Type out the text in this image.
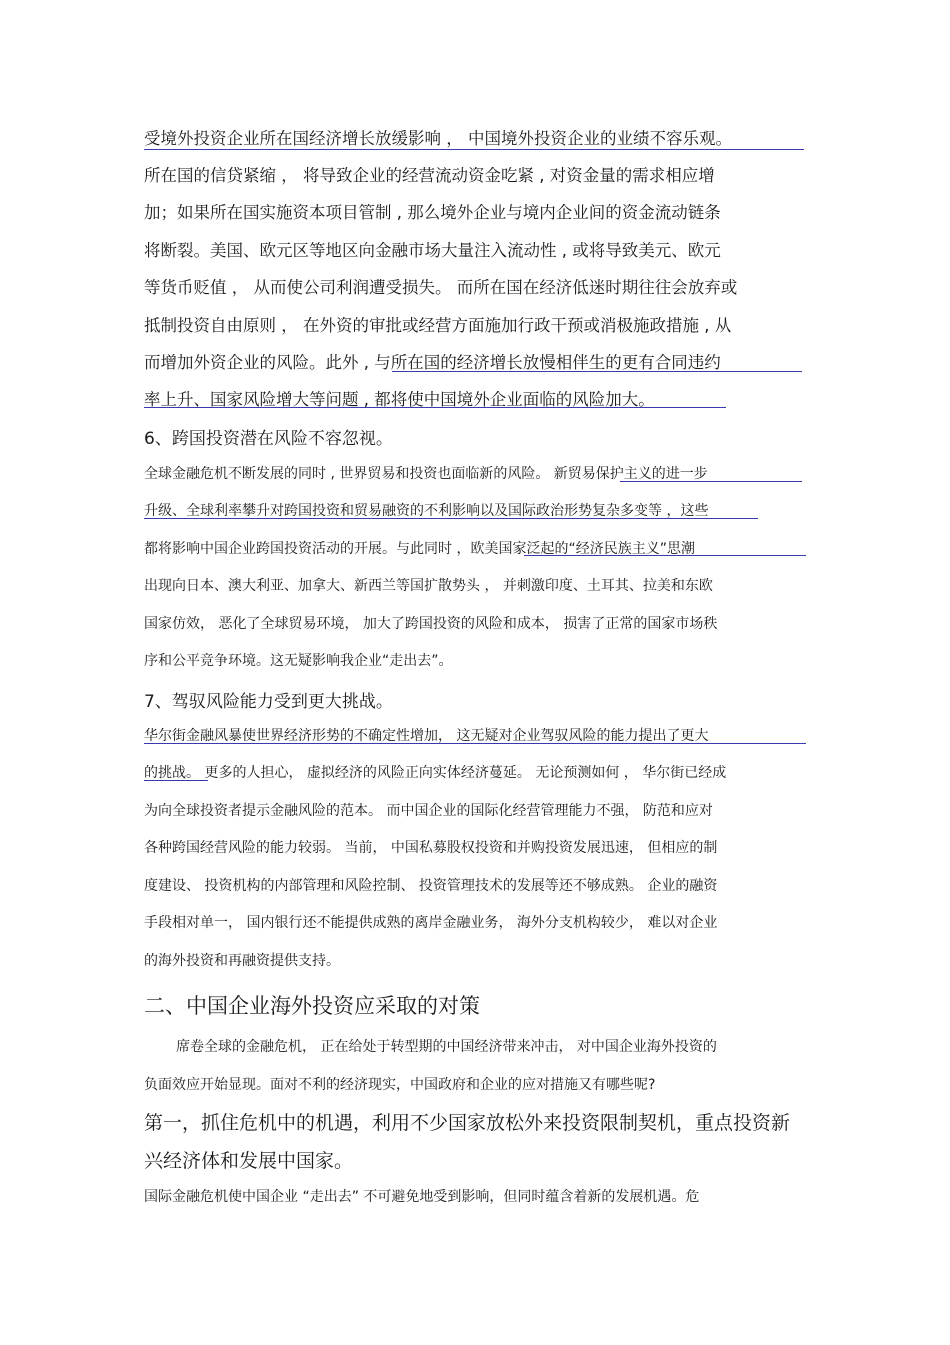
受境外投资企业所在国经济增长放缓影响 ， 中国境外投资企业的业绩不容乐观。
所在国的信贷紧缩 ， 将导致企业的经营流动资金吃紧 , 对资金量的需求相应增
加；如果所在国实施资本项目管制 , 那么境外企业与境内企业间的资金流动链条
将断裂。美国、欧元区等地区向金融市场大量注入流动性 , 或将导致美元、欧元
等货币贬值 ， 从而使公司利润遭受损失。 而所在国在经济低迷时期往往会放弃或
抵制投资自由原则 ， 在外资的审批或经营方面施加行政干预或消极施政措施 , 从
而增加外资企业的风险。此外 , 与所在国的经济增长放慢相伴生的更有合同违约
率上升、国家风险增大等问题 , 都将使中国境外企业面临的风险加大。
6、跨国投资潜在风险不容忽视。
全球金融危机不断发展的同时 , 世界贸易和投资也面临新的风险。 新贸易保护主义的进一步
升级、全球利率攀升对跨国投资和贸易融资的不利影响以及国际政治形势复杂多变等 ，这些
都将影响中国企业跨国投资活动的开展。与此同时 ，欧美国家泛起的“经济民族主义”思潮
出现向日本、澳大利亚、加拿大、新西兰等国扩散势头 ， 并刺激印度、土耳其、拉美和东欧
国家仿效， 恶化了全球贸易环境， 加大了跨国投资的风险和成本， 损害了正常的国家市场秩
序和公平竞争环境。这无疑影响我企业“走出去”。
7、驾驭风险能力受到更大挑战。
华尔街金融风暴使世界经济形势的不确定性增加， 这无疑对企业驾驭风险的能力提出了更大
的挑战。 更多的人担心， 虚拟经济的风险正向实体经济蔓延。 无论预测如何 ， 华尔街已经成
为向全球投资者提示金融风险的范本。 而中国企业的国际化经营管理能力不强， 防范和应对
各种跨国经营风险的能力较弱。 当前， 中国私募股权投资和并购投资发展迅速， 但相应的制
度建设、 投资机构的内部管理和风险控制、 投资管理技术的发展等还不够成熟。 企业的融资
手段相对单一， 国内银行还不能提供成熟的离岸金融业务， 海外分支机构较少， 难以对企业
的海外投资和再融资提供支持。
二、中国企业海外投资应采取的对策
席卷全球的金融危机， 正在给处于转型期的中国经济带来冲击， 对中国企业海外投资的
负面效应开始显现。面对不利的经济现实，中国政府和企业的应对措施又有哪些呢?
第一，抓住危机中的机遇，利用不少国家放松外来投资限制契机，重点投资新
兴经济体和发展中国家。
国际金融危机使中国企业 “走出去” 不可避免地受到影响，但同时蕴含着新的发展机遇。危
